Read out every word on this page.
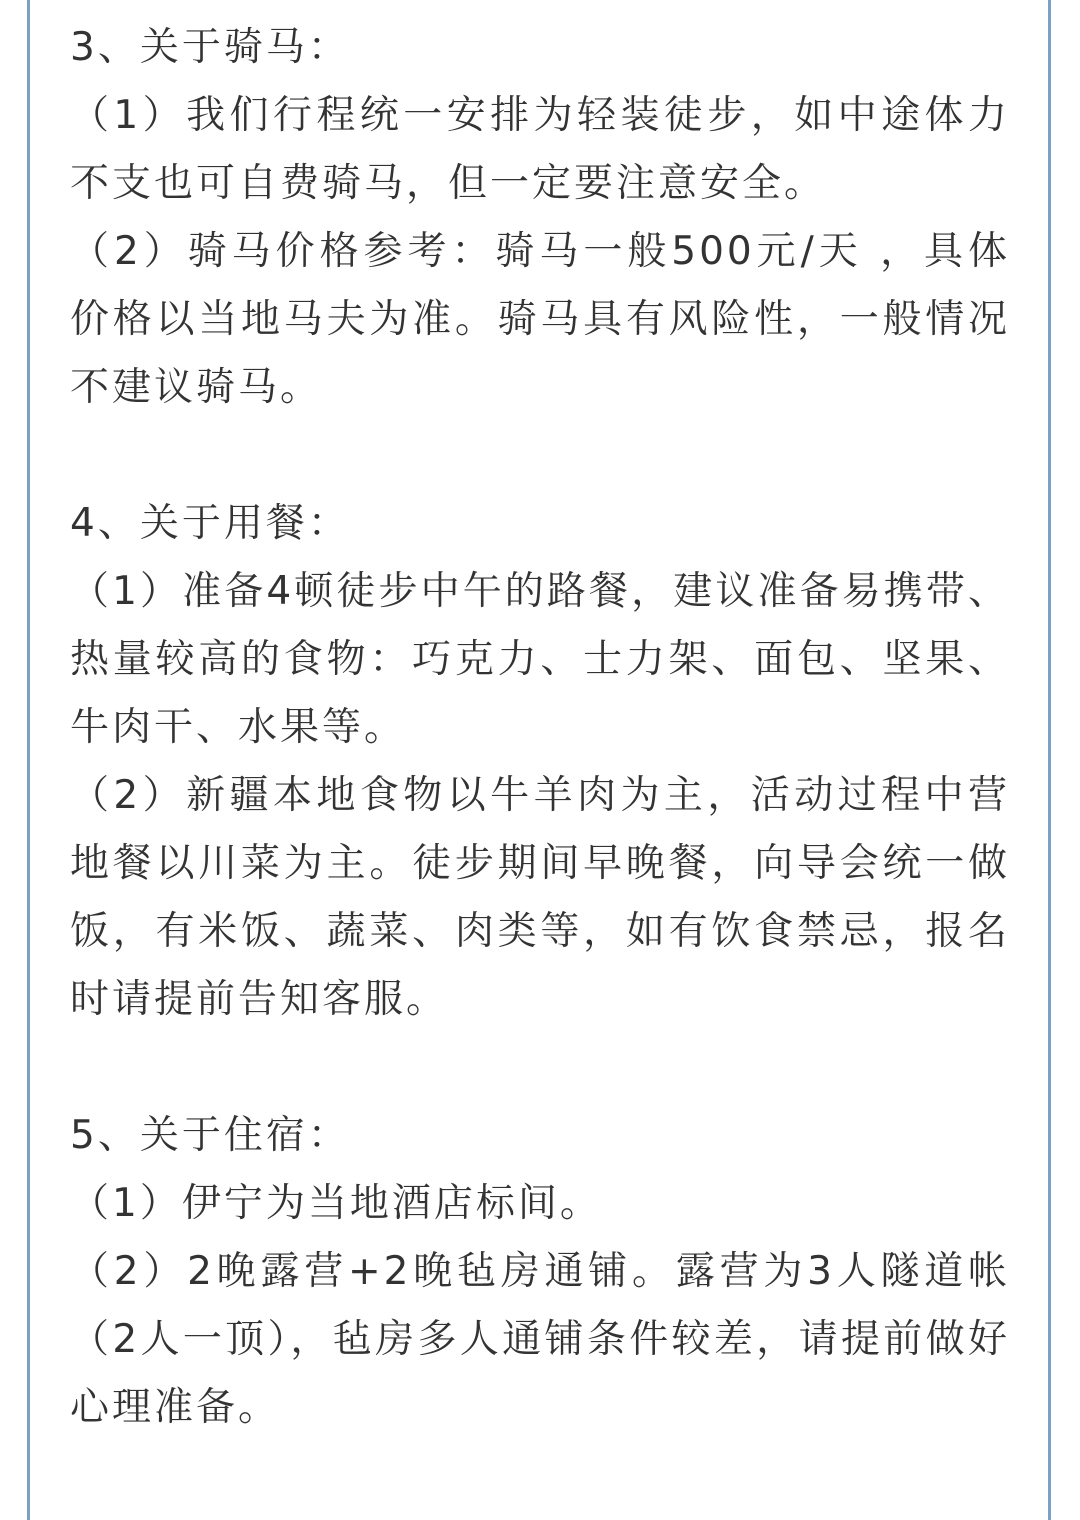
3、关于骑马：

（1）我们行程统一安排为轻装徒步，如中途体力不支也可自费骑马，但一定要注意安全。

（2）骑马价格参考：骑马一般500元/天 ，具体价格以当地马夫为准。骑马具有风险性，一般情况不建议骑马。

4、关于用餐：

（1）准备4顿徒步中午的路餐，建议准备易携带、热量较高的食物：巧克力、士力架、面包、坚果、牛肉干、水果等。

（2）新疆本地食物以牛羊肉为主，活动过程中营地餐以川菜为主。徒步期间早晚餐，向导会统一做饭，有米饭、蔬菜、肉类等，如有饮食禁忌，报名时请提前告知客服。

5、关于住宿：

（1）伊宁为当地酒店标间。

（2）2晚露营+2晚毡房通铺。露营为3人隧道帐（2人一顶），毡房多人通铺条件较差，请提前做好心理准备。
